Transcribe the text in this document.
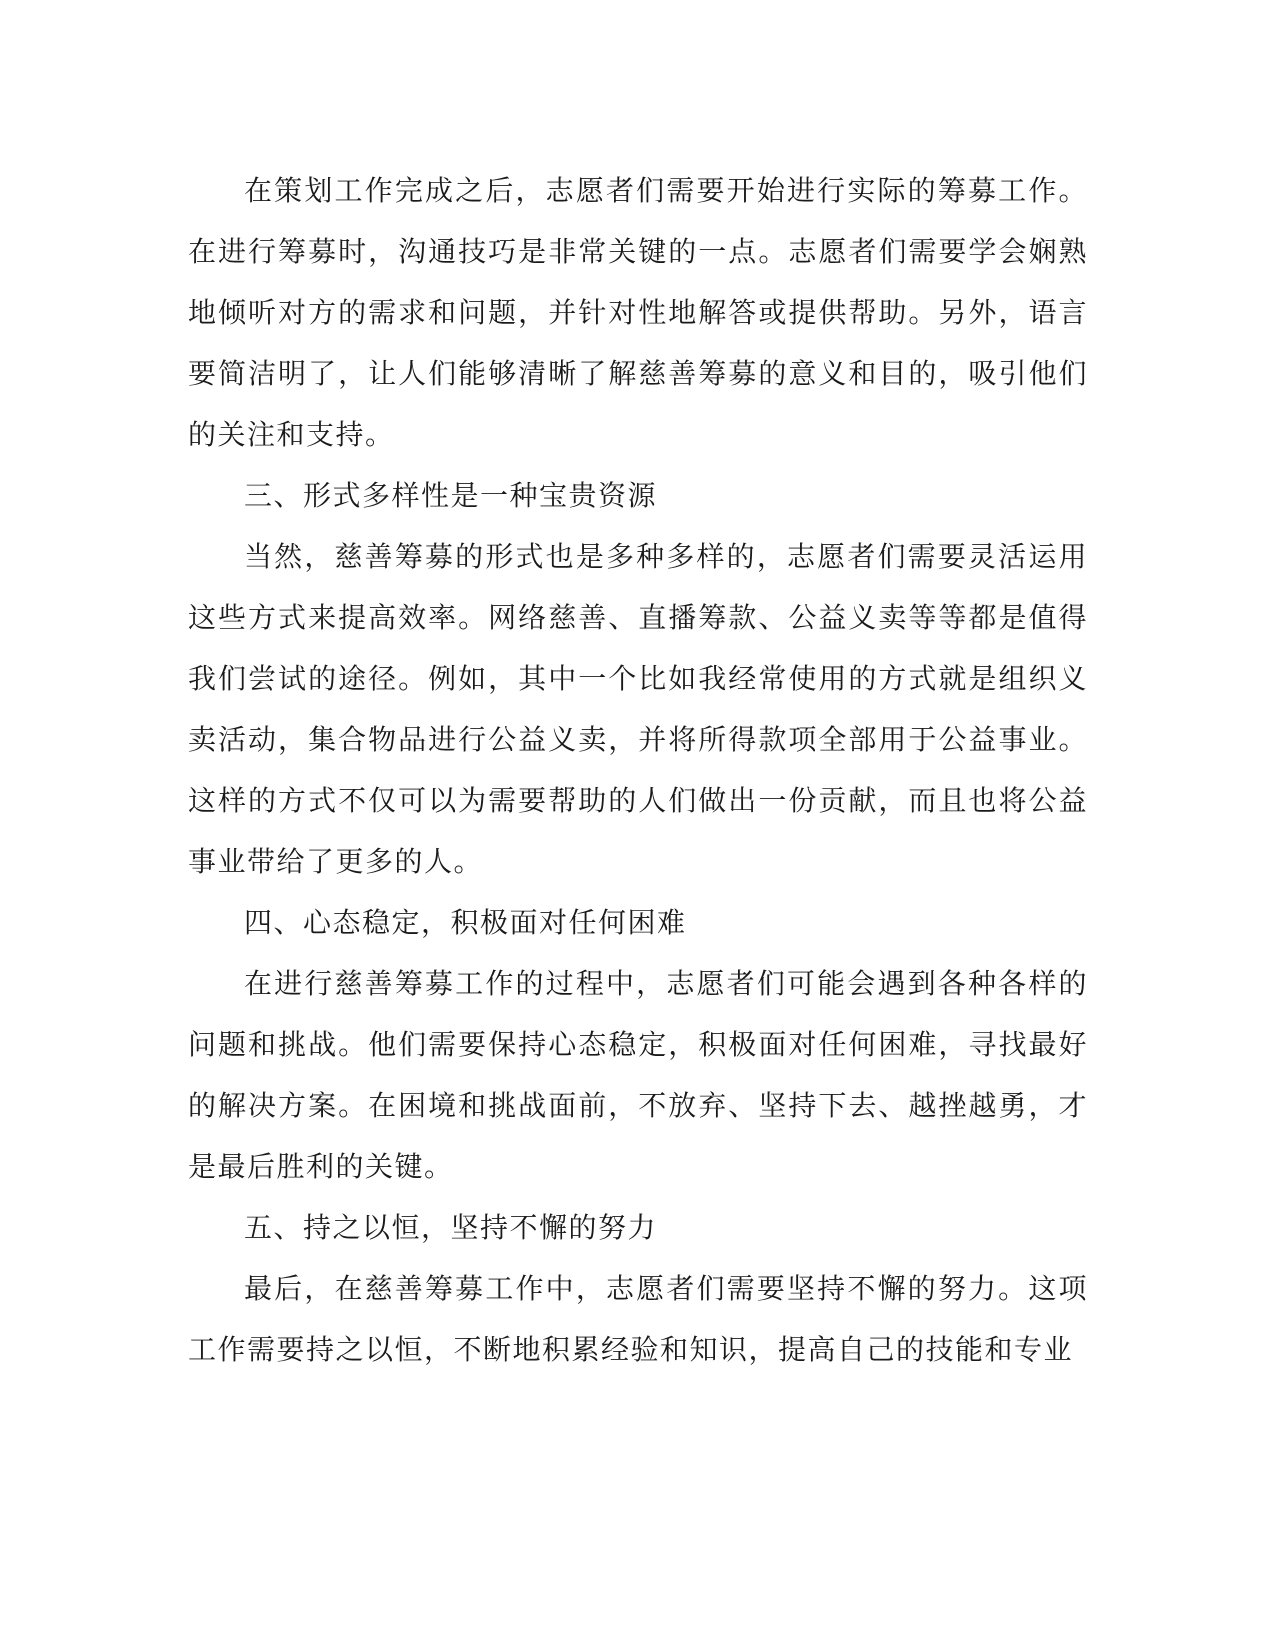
在策划工作完成之后，志愿者们需要开始进行实际的筹募工作。在进行筹募时，沟通技巧是非常关键的一点。志愿者们需要学会娴熟地倾听对方的需求和问题，并针对性地解答或提供帮助。另外，语言要简洁明了，让人们能够清晰了解慈善筹募的意义和目的，吸引他们的关注和支持。

三、形式多样性是一种宝贵资源

当然，慈善筹募的形式也是多种多样的，志愿者们需要灵活运用这些方式来提高效率。网络慈善、直播筹款、公益义卖等等都是值得我们尝试的途径。例如，其中一个比如我经常使用的方式就是组织义卖活动，集合物品进行公益义卖，并将所得款项全部用于公益事业。这样的方式不仅可以为需要帮助的人们做出一份贡献，而且也将公益事业带给了更多的人。

四、心态稳定，积极面对任何困难

在进行慈善筹募工作的过程中，志愿者们可能会遇到各种各样的问题和挑战。他们需要保持心态稳定，积极面对任何困难，寻找最好的解决方案。在困境和挑战面前，不放弃、坚持下去、越挫越勇，才是最后胜利的关键。

五、持之以恒，坚持不懈的努力

最后，在慈善筹募工作中，志愿者们需要坚持不懈的努力。这项工作需要持之以恒，不断地积累经验和知识，提高自己的技能和专业
